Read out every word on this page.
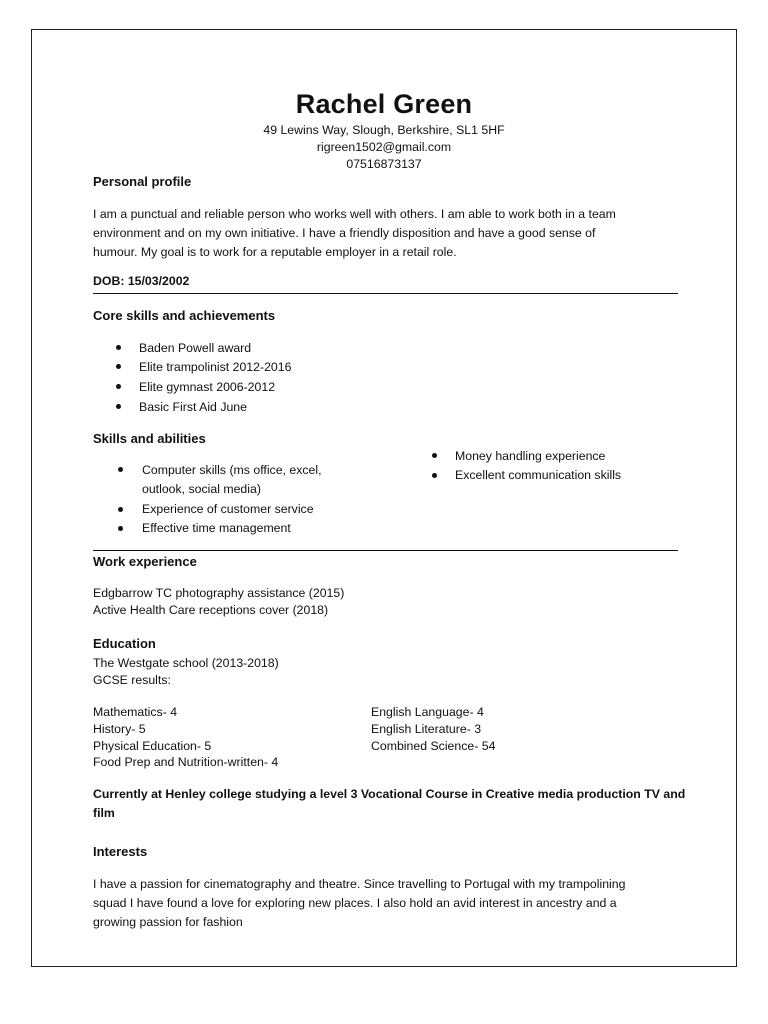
Rachel Green
49 Lewins Way, Slough, Berkshire, SL1 5HF
rigreen1502@gmail.com
07516873137
Personal profile
I am a punctual and reliable person who works well with others. I am able to work both in a team
environment and on my own initiative. I have a friendly disposition and have a good sense of
humour. My goal is to work for a reputable employer in a retail role.
DOB: 15/03/2002
Core skills and achievements
Baden Powell award
Elite trampolinist 2012-2016
Elite gymnast 2006-2012
Basic First Aid June
Skills and abilities
Computer skills (ms office, excel,
outlook, social media)
Experience of customer service
Effective time management
Money handling experience
Excellent communication skills
Work experience
Edgbarrow TC photography assistance (2015)
Active Health Care receptions cover (2018)
Education
The Westgate school (2013-2018)
GCSE results:
Mathematics- 4
History- 5
Physical Education- 5
Food Prep and Nutrition-written- 4
English Language- 4
English Literature- 3
Combined Science- 54
Currently at Henley college studying a level 3 Vocational Course in Creative media production TV and
film
Interests
I have a passion for cinematography and theatre. Since travelling to Portugal with my trampolining
squad I have found a love for exploring new places. I also hold an avid interest in ancestry and a
growing passion for fashion
